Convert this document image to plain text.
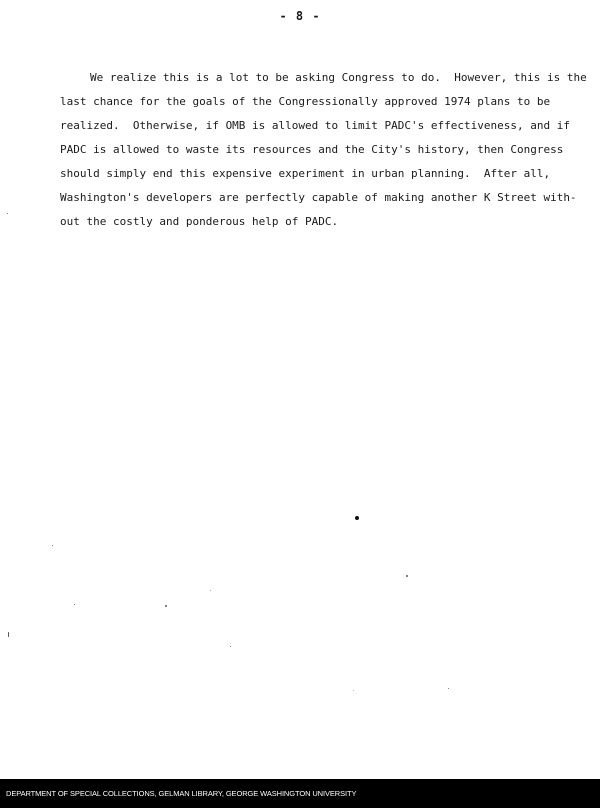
- 8 -
We realize this is a lot to be asking Congress to do.  However, this is the
last chance for the goals of the Congressionally approved 1974 plans to be
realized.  Otherwise, if OMB is allowed to limit PADC's effectiveness, and if
PADC is allowed to waste its resources and the City's history, then Congress
should simply end this expensive experiment in urban planning.  After all,
Washington's developers are perfectly capable of making another K Street with-
out the costly and ponderous help of PADC.
DEPARTMENT OF SPECIAL COLLECTIONS, GELMAN LIBRARY, GEORGE WASHINGTON UNIVERSITY
